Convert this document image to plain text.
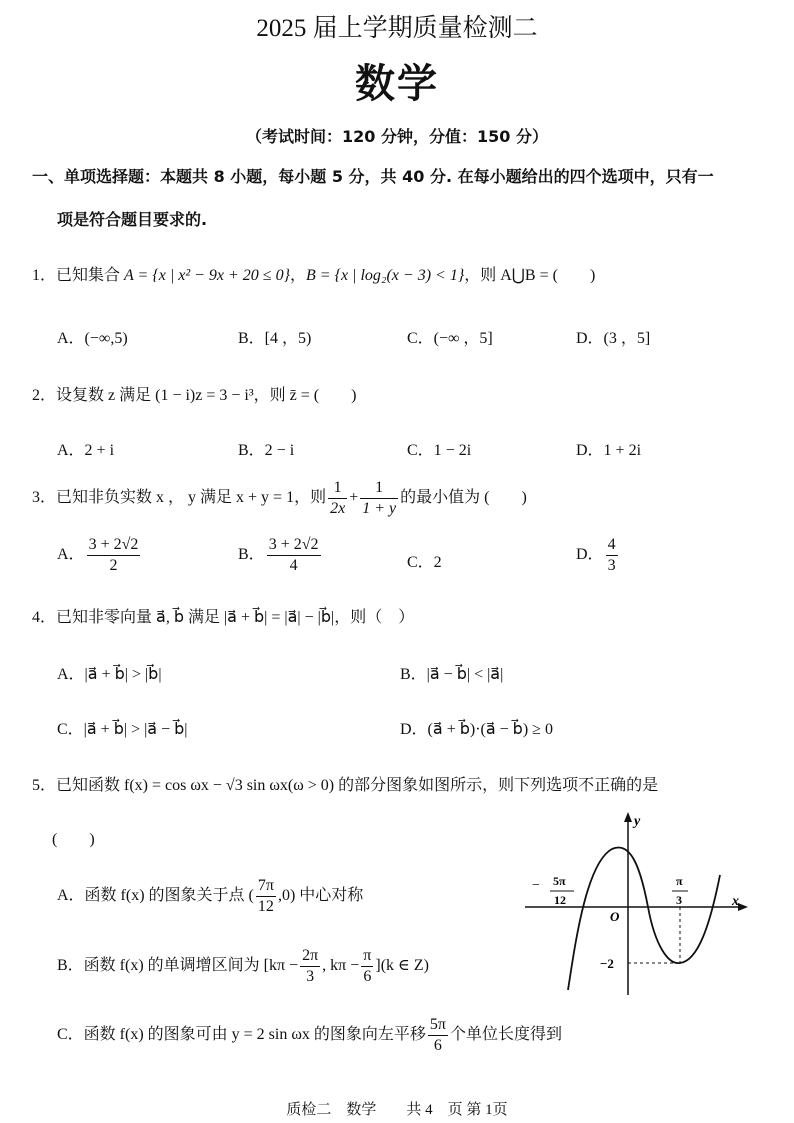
2025 届上学期质量检测二
数学
（考试时间：120 分钟，分值：150 分）
一、单项选择题：本题共 8 小题，每小题 5 分，共 40 分. 在每小题给出的四个选项中，只有一
项是符合题目要求的.
1．已知集合 A = {x | x² − 9x + 20 ≤ 0}，B = {x | log₂(x − 3) < 1}，则 A⋃B = (　　)
A．(−∞,5)	B．[4 ，5)	C．(−∞ ，5]	D．(3 ，5]
2．设复数 z 满足 (1 − i)z = 3 − i³，则 z̄ = (　　)
A．2 + i	B．2 − i	C．1 − 2i	D．1 + 2i
3．已知非负实数 x ， y 满足 x + y = 1，则 $\frac{1}{2x} + \frac{1}{1 + y}$ 的最小值为 (　　)
A． $\frac{3 + 2√2}{2}$	B． $\frac{3 + 2√2}{4}$	C．2	D． $\frac{4}{3}$
4．已知非零向量 a⃗, b⃗ 满足 |a⃗ + b⃗| = |a⃗| − |b⃗|，则（　）
A．|a⃗ + b⃗| > |b⃗|	B．|a⃗ − b⃗| < |a⃗|
C．|a⃗ + b⃗| > |a⃗ − b⃗|	D．(a⃗ + b⃗)·(a⃗ − b⃗) ≥ 0
5．已知函数 f(x) = cos ωx − √3 sin ωx(ω > 0) 的部分图象如图所示，则下列选项不正确的是
(　　)
A．函数 f(x) 的图象关于点 ( $\frac{7\pi}{12} ,0$) 中心对称
B．函数 f(x) 的单调增区间为 [$k\pi - \frac{2\pi}{3}$ , $k\pi - \frac{\pi}{6} ](k$ ∈ Z)
C．函数 f(x) 的图象可由 y = 2 sin ωx 的图象向左平移 $\frac{5\pi}{6}$ 个单位长度得到
y
x
O
− 5π
12
π
3
−2
质检二　数学　　共 4　页 第 1页
